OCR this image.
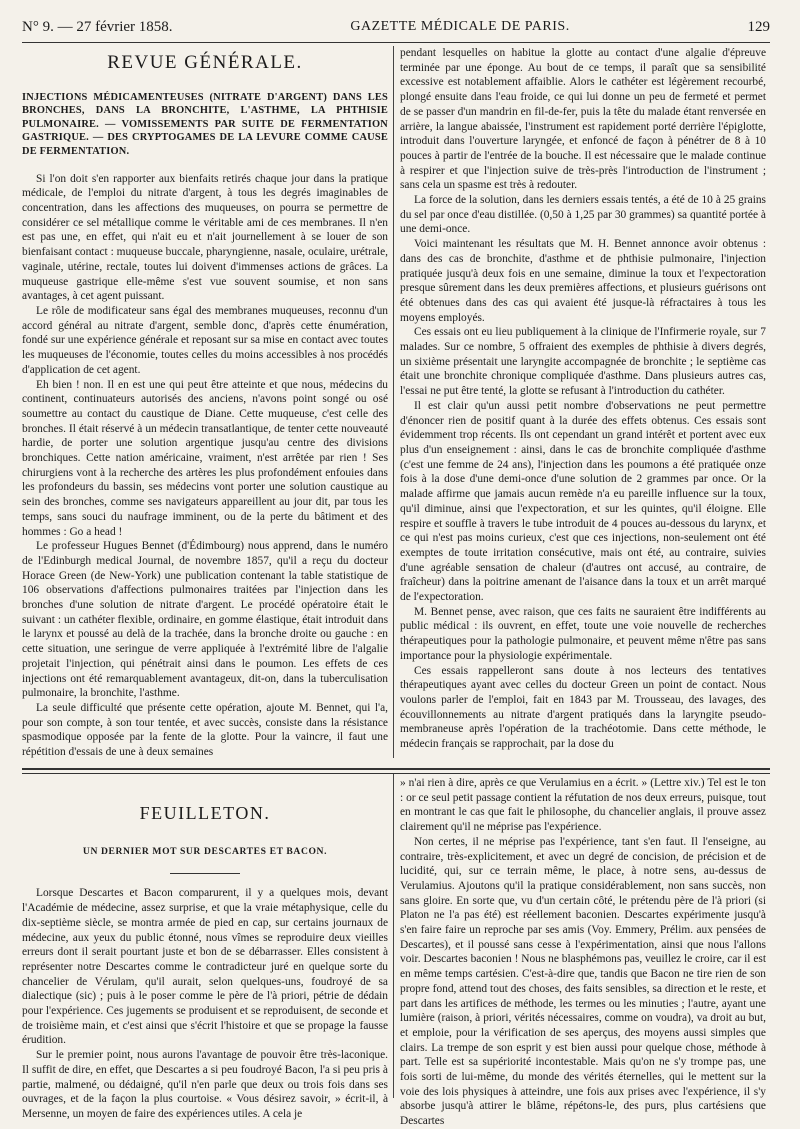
N° 9. — 27 février 1858.	GAZETTE MÉDICALE DE PARIS.	129
REVUE GÉNÉRALE.

INJECTIONS MÉDICAMENTEUSES (NITRATE D'ARGENT) DANS LES BRONCHES, DANS LA BRONCHITE, L'ASTHME, LA PHTHISIE PULMONAIRE. — VOMISSEMENTS PAR SUITE DE FERMENTATION GASTRIQUE. — DES CRYPTOGAMES DE LA LEVURE COMME CAUSE DE FERMENTATION.

Si l'on doit s'en rapporter aux bienfaits retirés chaque jour dans la pratique médicale, de l'emploi du nitrate d'argent, à tous les degrés imaginables de concentration, dans les affections des muqueuses, on pourra se permettre de considérer ce sel métallique comme le véritable ami de ces membranes. Il n'en est pas une, en effet, qui n'ait eu et n'ait journellement à se louer de son bienfaisant contact : muqueuse buccale, pharyngienne, nasale, oculaire, urétrale, vaginale, utérine, rectale, toutes lui doivent d'immenses actions de grâces. La muqueuse gastrique elle-même s'est vue souvent soumise, et non sans avantages, à cet agent puissant.

Le rôle de modificateur sans égal des membranes muqueuses, reconnu d'un accord général au nitrate d'argent, semble donc, d'après cette énumération, fondé sur une expérience générale et reposant sur sa mise en contact avec toutes les muqueuses de l'économie, toutes celles du moins accessibles à nos procédés d'application de cet agent.

Eh bien ! non. Il en est une qui peut être atteinte et que nous, médecins du continent, continuateurs autorisés des anciens, n'avons point songé ou osé soumettre au contact du caustique de Diane. Cette muqueuse, c'est celle des bronches. Il était réservé à un médecin transatlantique, de tenter cette nouveauté hardie, de porter une solution argentique jusqu'au centre des divisions bronchiques. Cette nation américaine, vraiment, n'est arrêtée par rien ! Ses chirurgiens vont à la recherche des artères les plus profondément enfouies dans les profondeurs du bassin, ses médecins vont porter une solution caustique au sein des bronches, comme ses navigateurs appareillent au jour dit, par tous les temps, sans souci du naufrage imminent, ou de la perte du bâtiment et des hommes : Go a head !

Le professeur Hugues Bennet (d'Édimbourg) nous apprend, dans le numéro de l'Edinburgh medical Journal, de novembre 1857, qu'il a reçu du docteur Horace Green (de New-York) une publication contenant la table statistique de 106 observations d'affections pulmonaires traitées par l'injection dans les bronches d'une solution de nitrate d'argent. Le procédé opératoire était le suivant : un cathéter flexible, ordinaire, en gomme élastique, était introduit dans le larynx et poussé au delà de la trachée, dans la bronche droite ou gauche : en cette situation, une seringue de verre appliquée à l'extrémité libre de l'algalie projetait l'injection, qui pénétrait ainsi dans le poumon. Les effets de ces injections ont été remarquablement avantageux, dit-on, dans la tuberculisation pulmonaire, la bronchite, l'asthme.

La seule difficulté que présente cette opération, ajoute M. Bennet, qui l'a, pour son compte, à son tour tentée, et avec succès, consiste dans la résistance spasmodique opposée par la fente de la glotte. Pour la vaincre, il faut une répétition d'essais de une à deux semaines

pendant lesquelles on habitue la glotte au contact d'une algalie d'épreuve terminée par une éponge. Au bout de ce temps, il paraît que sa sensibilité excessive est notablement affaiblie. Alors le cathéter est légèrement recourbé, plongé ensuite dans l'eau froide, ce qui lui donne un peu de fermeté et permet de se passer d'un mandrin en fil-de-fer, puis la tête du malade étant renversée en arrière, la langue abaissée, l'instrument est rapidement porté derrière l'épiglotte, introduit dans l'ouverture laryngée, et enfoncé de façon à pénétrer de 8 à 10 pouces à partir de l'entrée de la bouche. Il est nécessaire que le malade continue à respirer et que l'injection suive de très-près l'introduction de l'instrument ; sans cela un spasme est très à redouter.

La force de la solution, dans les derniers essais tentés, a été de 10 à 25 grains du sel par once d'eau distillée. (0,50 à 1,25 par 30 grammes) sa quantité portée à une demi-once.

Voici maintenant les résultats que M. H. Bennet annonce avoir obtenus : dans des cas de bronchite, d'asthme et de phthisie pulmonaire, l'injection pratiquée jusqu'à deux fois en une semaine, diminue la toux et l'expectoration presque sûrement dans les deux premières affections, et plusieurs guérisons ont été obtenues dans des cas qui avaient été jusque-là réfractaires à tous les moyens employés.

Ces essais ont eu lieu publiquement à la clinique de l'Infirmerie royale, sur 7 malades. Sur ce nombre, 5 offraient des exemples de phthisie à divers degrés, un sixième présentait une laryngite accompagnée de bronchite ; le septième cas était une bronchite chronique compliquée d'asthme. Dans plusieurs autres cas, l'essai ne put être tenté, la glotte se refusant à l'introduction du cathéter.

Il est clair qu'un aussi petit nombre d'observations ne peut permettre d'énoncer rien de positif quant à la durée des effets obtenus. Ces essais sont évidemment trop récents. Ils ont cependant un grand intérêt et portent avec eux plus d'un enseignement : ainsi, dans le cas de bronchite compliquée d'asthme (c'est une femme de 24 ans), l'injection dans les poumons a été pratiquée onze fois à la dose d'une demi-once d'une solution de 2 grammes par once. Or la malade affirme que jamais aucun remède n'a eu pareille influence sur la toux, qu'il diminue, ainsi que l'expectoration, et sur les quintes, qu'il éloigne. Elle respire et souffle à travers le tube introduit de 4 pouces au-dessous du larynx, et ce qui n'est pas moins curieux, c'est que ces injections, non-seulement ont été exemptes de toute irritation consécutive, mais ont été, au contraire, suivies d'une agréable sensation de chaleur (d'autres ont accusé, au contraire, de fraîcheur) dans la poitrine amenant de l'aisance dans la toux et un arrêt marqué de l'expectoration.

M. Bennet pense, avec raison, que ces faits ne sauraient être indifférents au public médical : ils ouvrent, en effet, toute une voie nouvelle de recherches thérapeutiques pour la pathologie pulmonaire, et peuvent même n'être pas sans importance pour la physiologie expérimentale.

Ces essais rappelleront sans doute à nos lecteurs des tentatives thérapeutiques ayant avec celles du docteur Green un point de contact. Nous voulons parler de l'emploi, fait en 1843 par M. Trousseau, des lavages, des écouvillonnements au nitrate d'argent pratiqués dans la laryngite pseudo-membraneuse après l'opération de la trachéotomie. Dans cette méthode, le médecin français se rapprochait, par la dose du

FEUILLETON.
UN DERNIER MOT SUR DESCARTES ET BACON.

Lorsque Descartes et Bacon comparurent, il y a quelques mois, devant l'Académie de médecine, assez surprise, et que la vraie métaphysique, celle du dix-septième siècle, se montra armée de pied en cap, sur certains journaux de médecine, aux yeux du public étonné, nous vîmes se reproduire deux vieilles erreurs dont il serait pourtant juste et bon de se débarrasser. Elles consistent à représenter notre Descartes comme le contradicteur juré en quelque sorte du chancelier de Vérulam, qu'il aurait, selon quelques-uns, foudroyé de sa dialectique (sic) ; puis à le poser comme le père de l'à priori, pétrie de dédain pour l'expérience. Ces jugements se produisent et se reproduisent, de seconde et de troisième main, et c'est ainsi que s'écrit l'histoire et que se propage la fausse érudition.

Sur le premier point, nous aurons l'avantage de pouvoir être très-laconique. Il suffit de dire, en effet, que Descartes a si peu foudroyé Bacon, l'a si peu pris à partie, malmené, ou dédaigné, qu'il n'en parle que deux ou trois fois dans ses ouvrages, et de la façon la plus courtoise. « Vous désirez savoir, » écrit-il, à Mersenne, un moyen de faire des expériences utiles. A cela je

» n'ai rien à dire, après ce que Verulamius en a écrit. » (Lettre xiv.) Tel est le ton : or ce seul petit passage contient la réfutation de nos deux erreurs, puisque, tout en montrant le cas que fait le philosophe, du chancelier anglais, il prouve assez clairement qu'il ne méprise pas l'expérience.

Non certes, il ne méprise pas l'expérience, tant s'en faut. Il l'enseigne, au contraire, très-explicitement, et avec un degré de concision, de précision et de lucidité, qui, sur ce terrain même, le place, à notre sens, au-dessus de Verulamius. Ajoutons qu'il la pratique considérablement, non sans succès, non sans gloire. En sorte que, vu d'un certain côté, le prétendu père de l'à priori (si Platon ne l'a pas été) est réellement baconien. Descartes expérimente jusqu'à s'en faire faire un reproche par ses amis (Voy. Emmery, Prélim. aux pensées de Descartes), et il poussé sans cesse à l'expérimentation, ainsi que nous l'allons voir. Descartes baconien ! Nous ne blasphémons pas, veuillez le croire, car il est en même temps cartésien. C'est-à-dire que, tandis que Bacon ne tire rien de son propre fond, attend tout des choses, des faits sensibles, sa direction et le reste, et part dans les artifices de méthode, les termes ou les minuties ; l'autre, ayant une lumière (raison, à priori, vérités nécessaires, comme on voudra), va droit au but, et emploie, pour la vérification de ses aperçus, des moyens aussi simples que clairs. La trempe de son esprit y est bien aussi pour quelque chose, méthode à part. Telle est sa supériorité incontestable. Mais qu'on ne s'y trompe pas, une fois sorti de lui-même, du monde des vérités éternelles, qui le mettent sur la voie des lois physiques à atteindre, une fois aux prises avec l'expérience, il s'y absorbe jusqu'à attirer le blâme, répétons-le, des purs, plus cartésiens que Descartes
